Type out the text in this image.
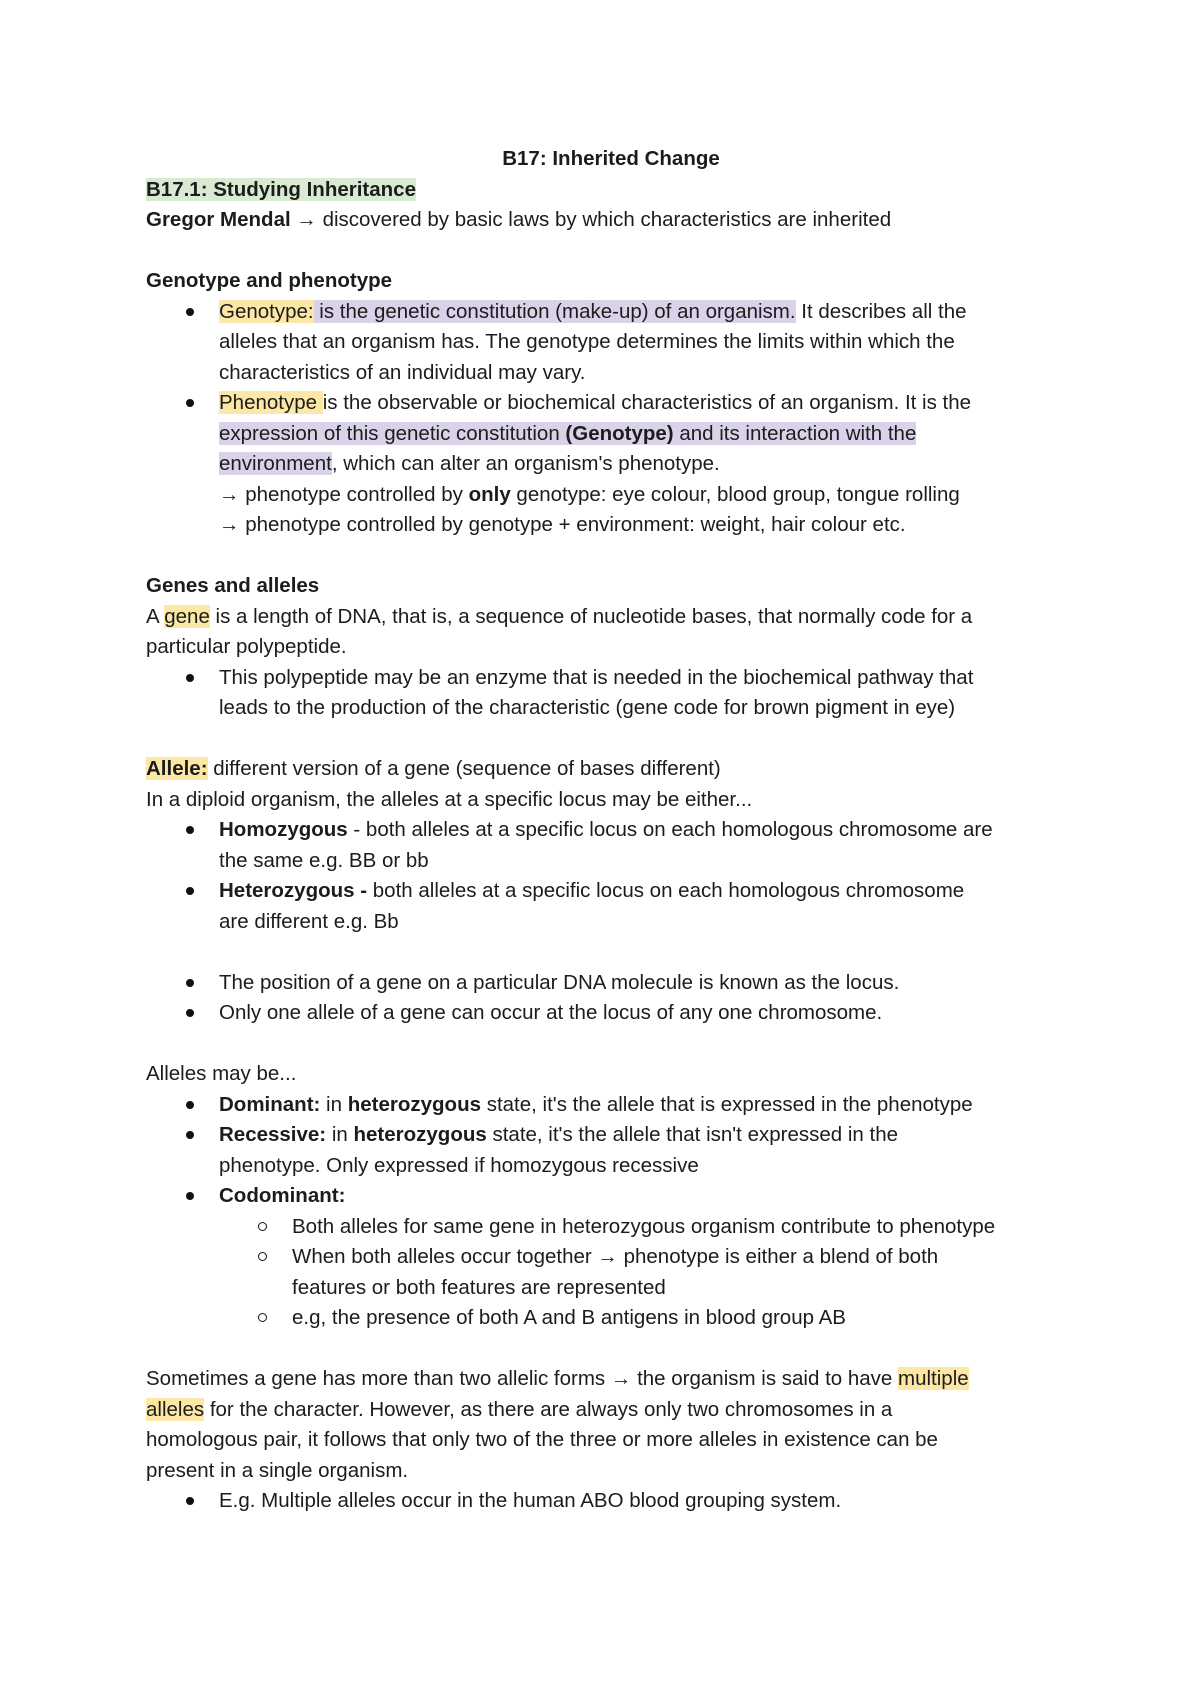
B17: Inherited Change

B17.1: Studying Inheritance

Gregor Mendal → discovered by basic laws by which characteristics are inherited

Genotype and phenotype

Genotype: is the genetic constitution (make-up) of an organism. It describes all the
alleles that an organism has. The genotype determines the limits within which the
characteristics of an individual may vary.
Phenotype is the observable or biochemical characteristics of an organism. It is the
expression of this genetic constitution (Genotype) and its interaction with the
environment, which can alter an organism's phenotype.
→ phenotype controlled by only genotype: eye colour, blood group, tongue rolling
→ phenotype controlled by genotype + environment: weight, hair colour etc.

Genes and alleles

A gene is a length of DNA, that is, a sequence of nucleotide bases, that normally code for a

particular polypeptide.

This polypeptide may be an enzyme that is needed in the biochemical pathway that
leads to the production of the characteristic (gene code for brown pigment in eye)

Allele: different version of a gene (sequence of bases different)

In a diploid organism, the alleles at a specific locus may be either...

Homozygous - both alleles at a specific locus on each homologous chromosome are
the same e.g. BB or bb
Heterozygous - both alleles at a specific locus on each homologous chromosome
are different e.g. Bb
The position of a gene on a particular DNA molecule is known as the locus.
Only one allele of a gene can occur at the locus of any one chromosome.

Alleles may be...

Dominant: in heterozygous state, it's the allele that is expressed in the phenotype
Recessive: in heterozygous state, it's the allele that isn't expressed in the
phenotype. Only expressed if homozygous recessive
Codominant:
Both alleles for same gene in heterozygous organism contribute to phenotype
When both alleles occur together → phenotype is either a blend of both
features or both features are represented
e.g, the presence of both A and B antigens in blood group AB

Sometimes a gene has more than two allelic forms → the organism is said to have multiple

alleles for the character. However, as there are always only two chromosomes in a

homologous pair, it follows that only two of the three or more alleles in existence can be

present in a single organism.

E.g. Multiple alleles occur in the human ABO blood grouping system.
